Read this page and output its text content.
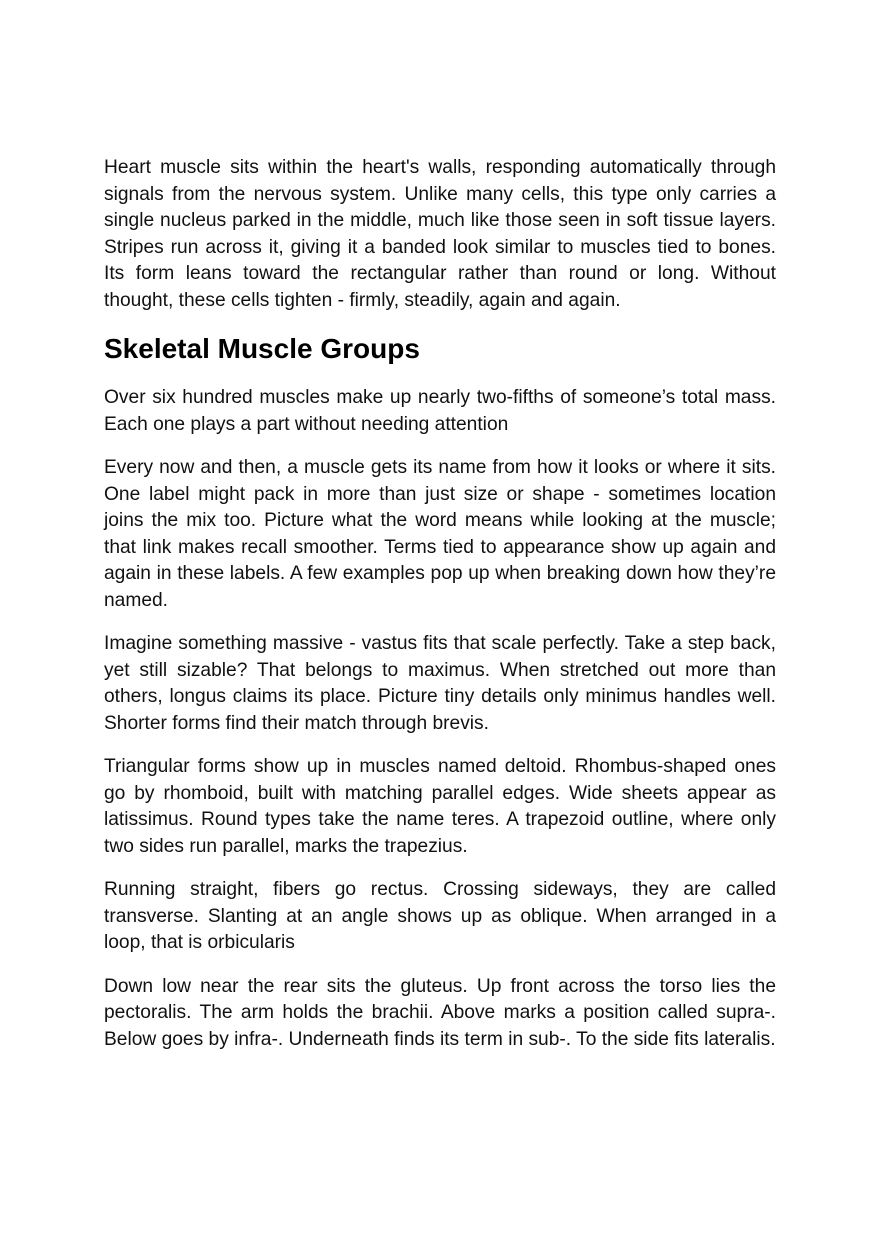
Heart muscle sits within the heart's walls, responding automatically through signals from the nervous system. Unlike many cells, this type only carries a single nucleus parked in the middle, much like those seen in soft tissue layers. Stripes run across it, giving it a banded look similar to muscles tied to bones. Its form leans toward the rectangular rather than round or long. Without thought, these cells tighten - firmly, steadily, again and again.

Skeletal Muscle Groups

Over six hundred muscles make up nearly two-fifths of someone’s total mass. Each one plays a part without needing attention

Every now and then, a muscle gets its name from how it looks or where it sits. One label might pack in more than just size or shape - sometimes location joins the mix too. Picture what the word means while looking at the muscle; that link makes recall smoother. Terms tied to appearance show up again and again in these labels. A few examples pop up when breaking down how they’re named.

Imagine something massive - vastus fits that scale perfectly. Take a step back, yet still sizable? That belongs to maximus. When stretched out more than others, longus claims its place. Picture tiny details only minimus handles well. Shorter forms find their match through brevis.

Triangular forms show up in muscles named deltoid. Rhombus-shaped ones go by rhomboid, built with matching parallel edges. Wide sheets appear as latissimus. Round types take the name teres. A trapezoid outline, where only two sides run parallel, marks the trapezius.

Running straight, fibers go rectus. Crossing sideways, they are called transverse. Slanting at an angle shows up as oblique. When arranged in a loop, that is orbicularis

Down low near the rear sits the gluteus. Up front across the torso lies the pectoralis. The arm holds the brachii. Above marks a position called supra-. Below goes by infra-. Underneath finds its term in sub-. To the side fits lateralis.
